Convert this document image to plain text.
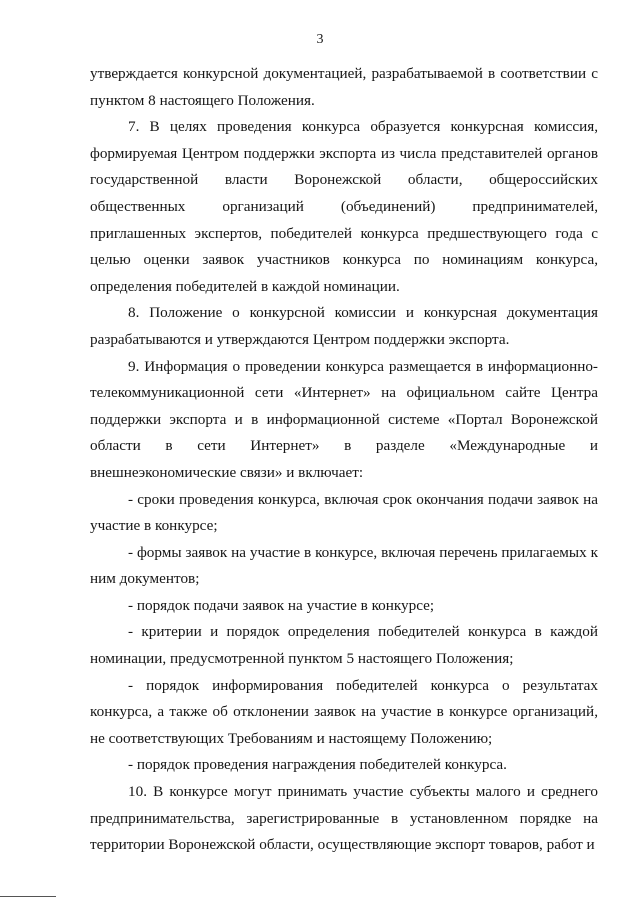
3

утверждается конкурсной документацией, разрабатываемой в соответствии с пунктом 8 настоящего Положения.

7. В целях проведения конкурса образуется конкурсная комиссия, формируемая Центром поддержки экспорта из числа представителей органов государственной власти Воронежской области, общероссийских общественных организаций (объединений) предпринимателей, приглашенных экспертов, победителей конкурса предшествующего года с целью оценки заявок участников конкурса по номинациям конкурса, определения победителей в каждой номинации.

8. Положение о конкурсной комиссии и конкурсная документация разрабатываются и утверждаются Центром поддержки экспорта.

9. Информация о проведении конкурса размещается в информационно-телекоммуникационной сети «Интернет» на официальном сайте Центра поддержки экспорта и в информационной системе «Портал Воронежской области в сети Интернет» в разделе «Международные и внешнеэкономические связи» и включает:

- сроки проведения конкурса, включая срок окончания подачи заявок на участие в конкурсе;

- формы заявок на участие в конкурсе, включая перечень прилагаемых к ним документов;

- порядок подачи заявок на участие в конкурсе;

- критерии и порядок определения победителей конкурса в каждой номинации, предусмотренной пунктом 5 настоящего Положения;

- порядок информирования победителей конкурса о результатах конкурса, а также об отклонении заявок на участие в конкурсе организаций, не соответствующих Требованиям и настоящему Положению;

- порядок проведения награждения победителей конкурса.

10. В конкурсе могут принимать участие субъекты малого и среднего предпринимательства, зарегистрированные в установленном порядке на территории Воронежской области, осуществляющие экспорт товаров, работ и
